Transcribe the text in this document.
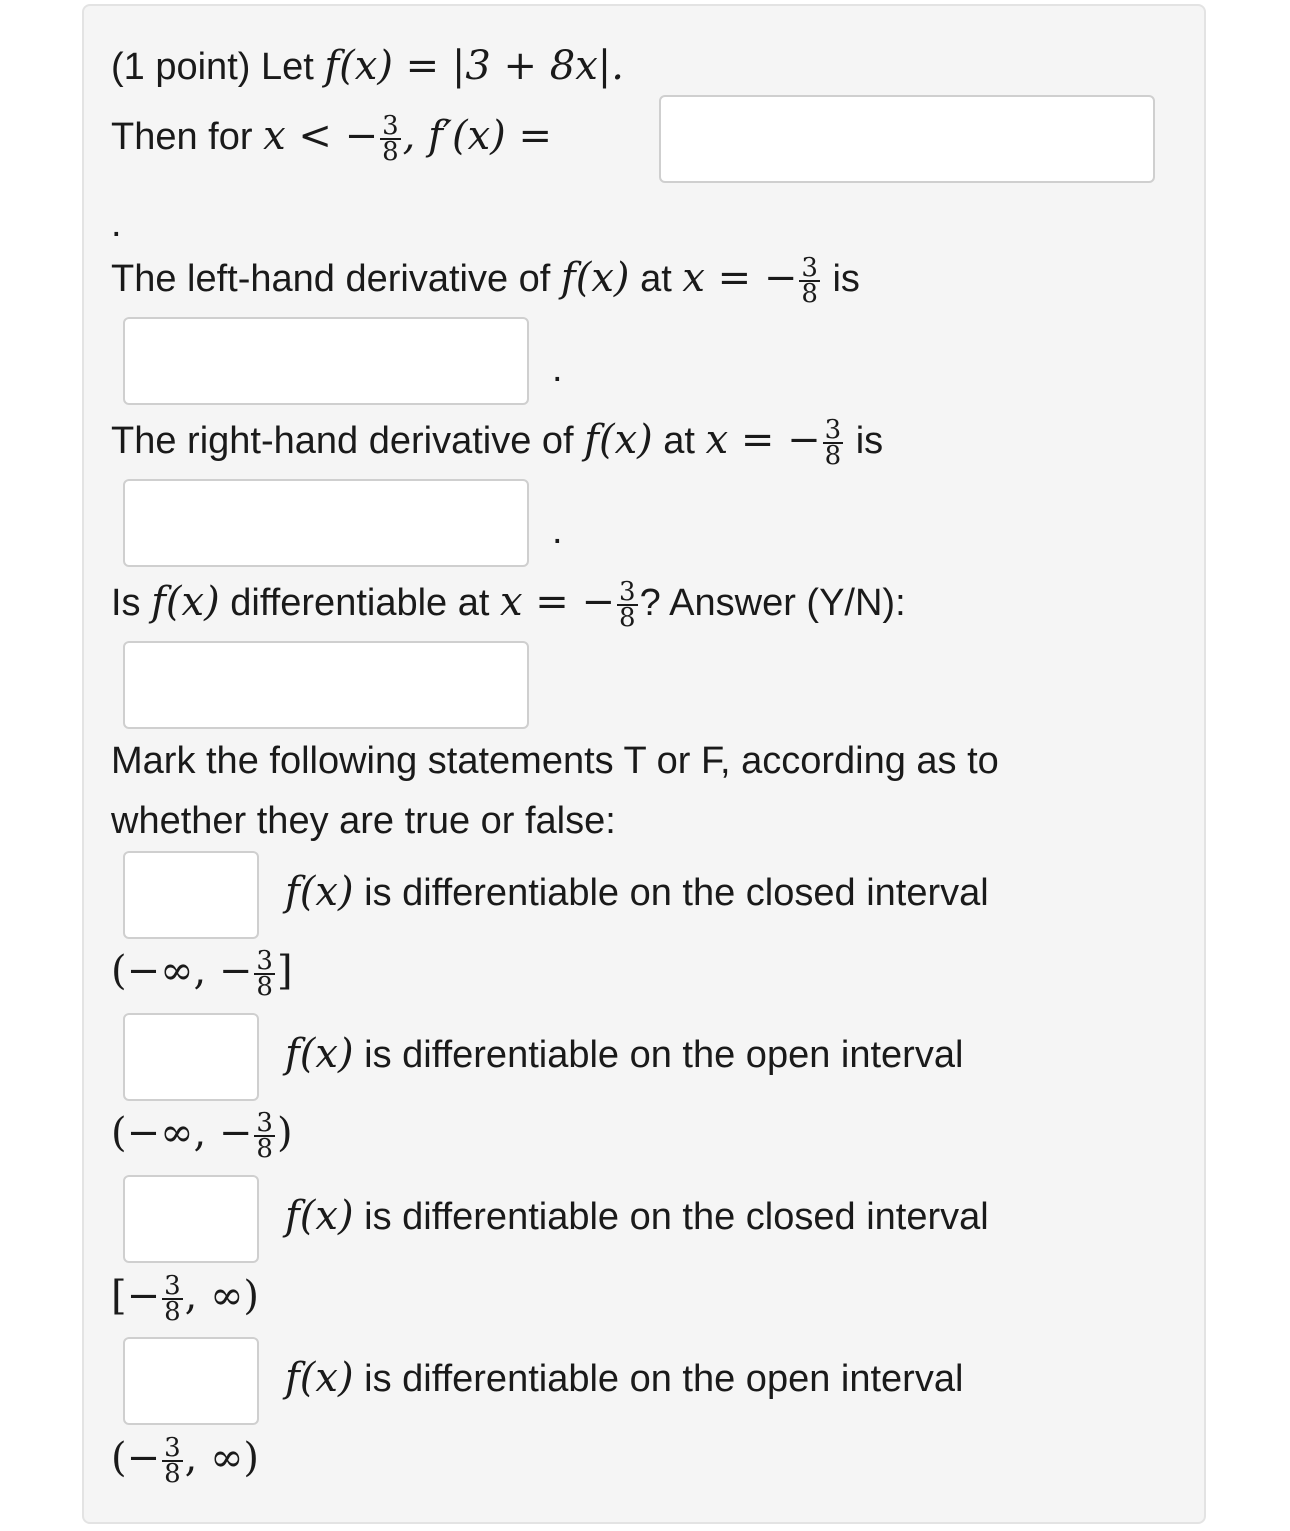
(1 point) Let f(x) = |3 + 8x|.
Then for x < − $\frac{3}{8}$ , f′(x) =
.
The left-hand derivative of f(x) at x = − $\frac{3}{8}$ is
.
The right-hand derivative of f(x) at x = − $\frac{3}{8}$ is
.
Is f(x) differentiable at x = − $\frac{3}{8}$ ? Answer (Y/N):
Mark the following statements T or F, according as to
whether they are true or false:
f(x) is differentiable on the closed interval
(−∞, − $\frac{3}{8}$ ]
f(x) is differentiable on the open interval
(−∞, − $\frac{3}{8}$ )
f(x) is differentiable on the closed interval
[− $\frac{3}{8}$ , ∞)
f(x) is differentiable on the open interval
(− $\frac{3}{8}$ , ∞)
